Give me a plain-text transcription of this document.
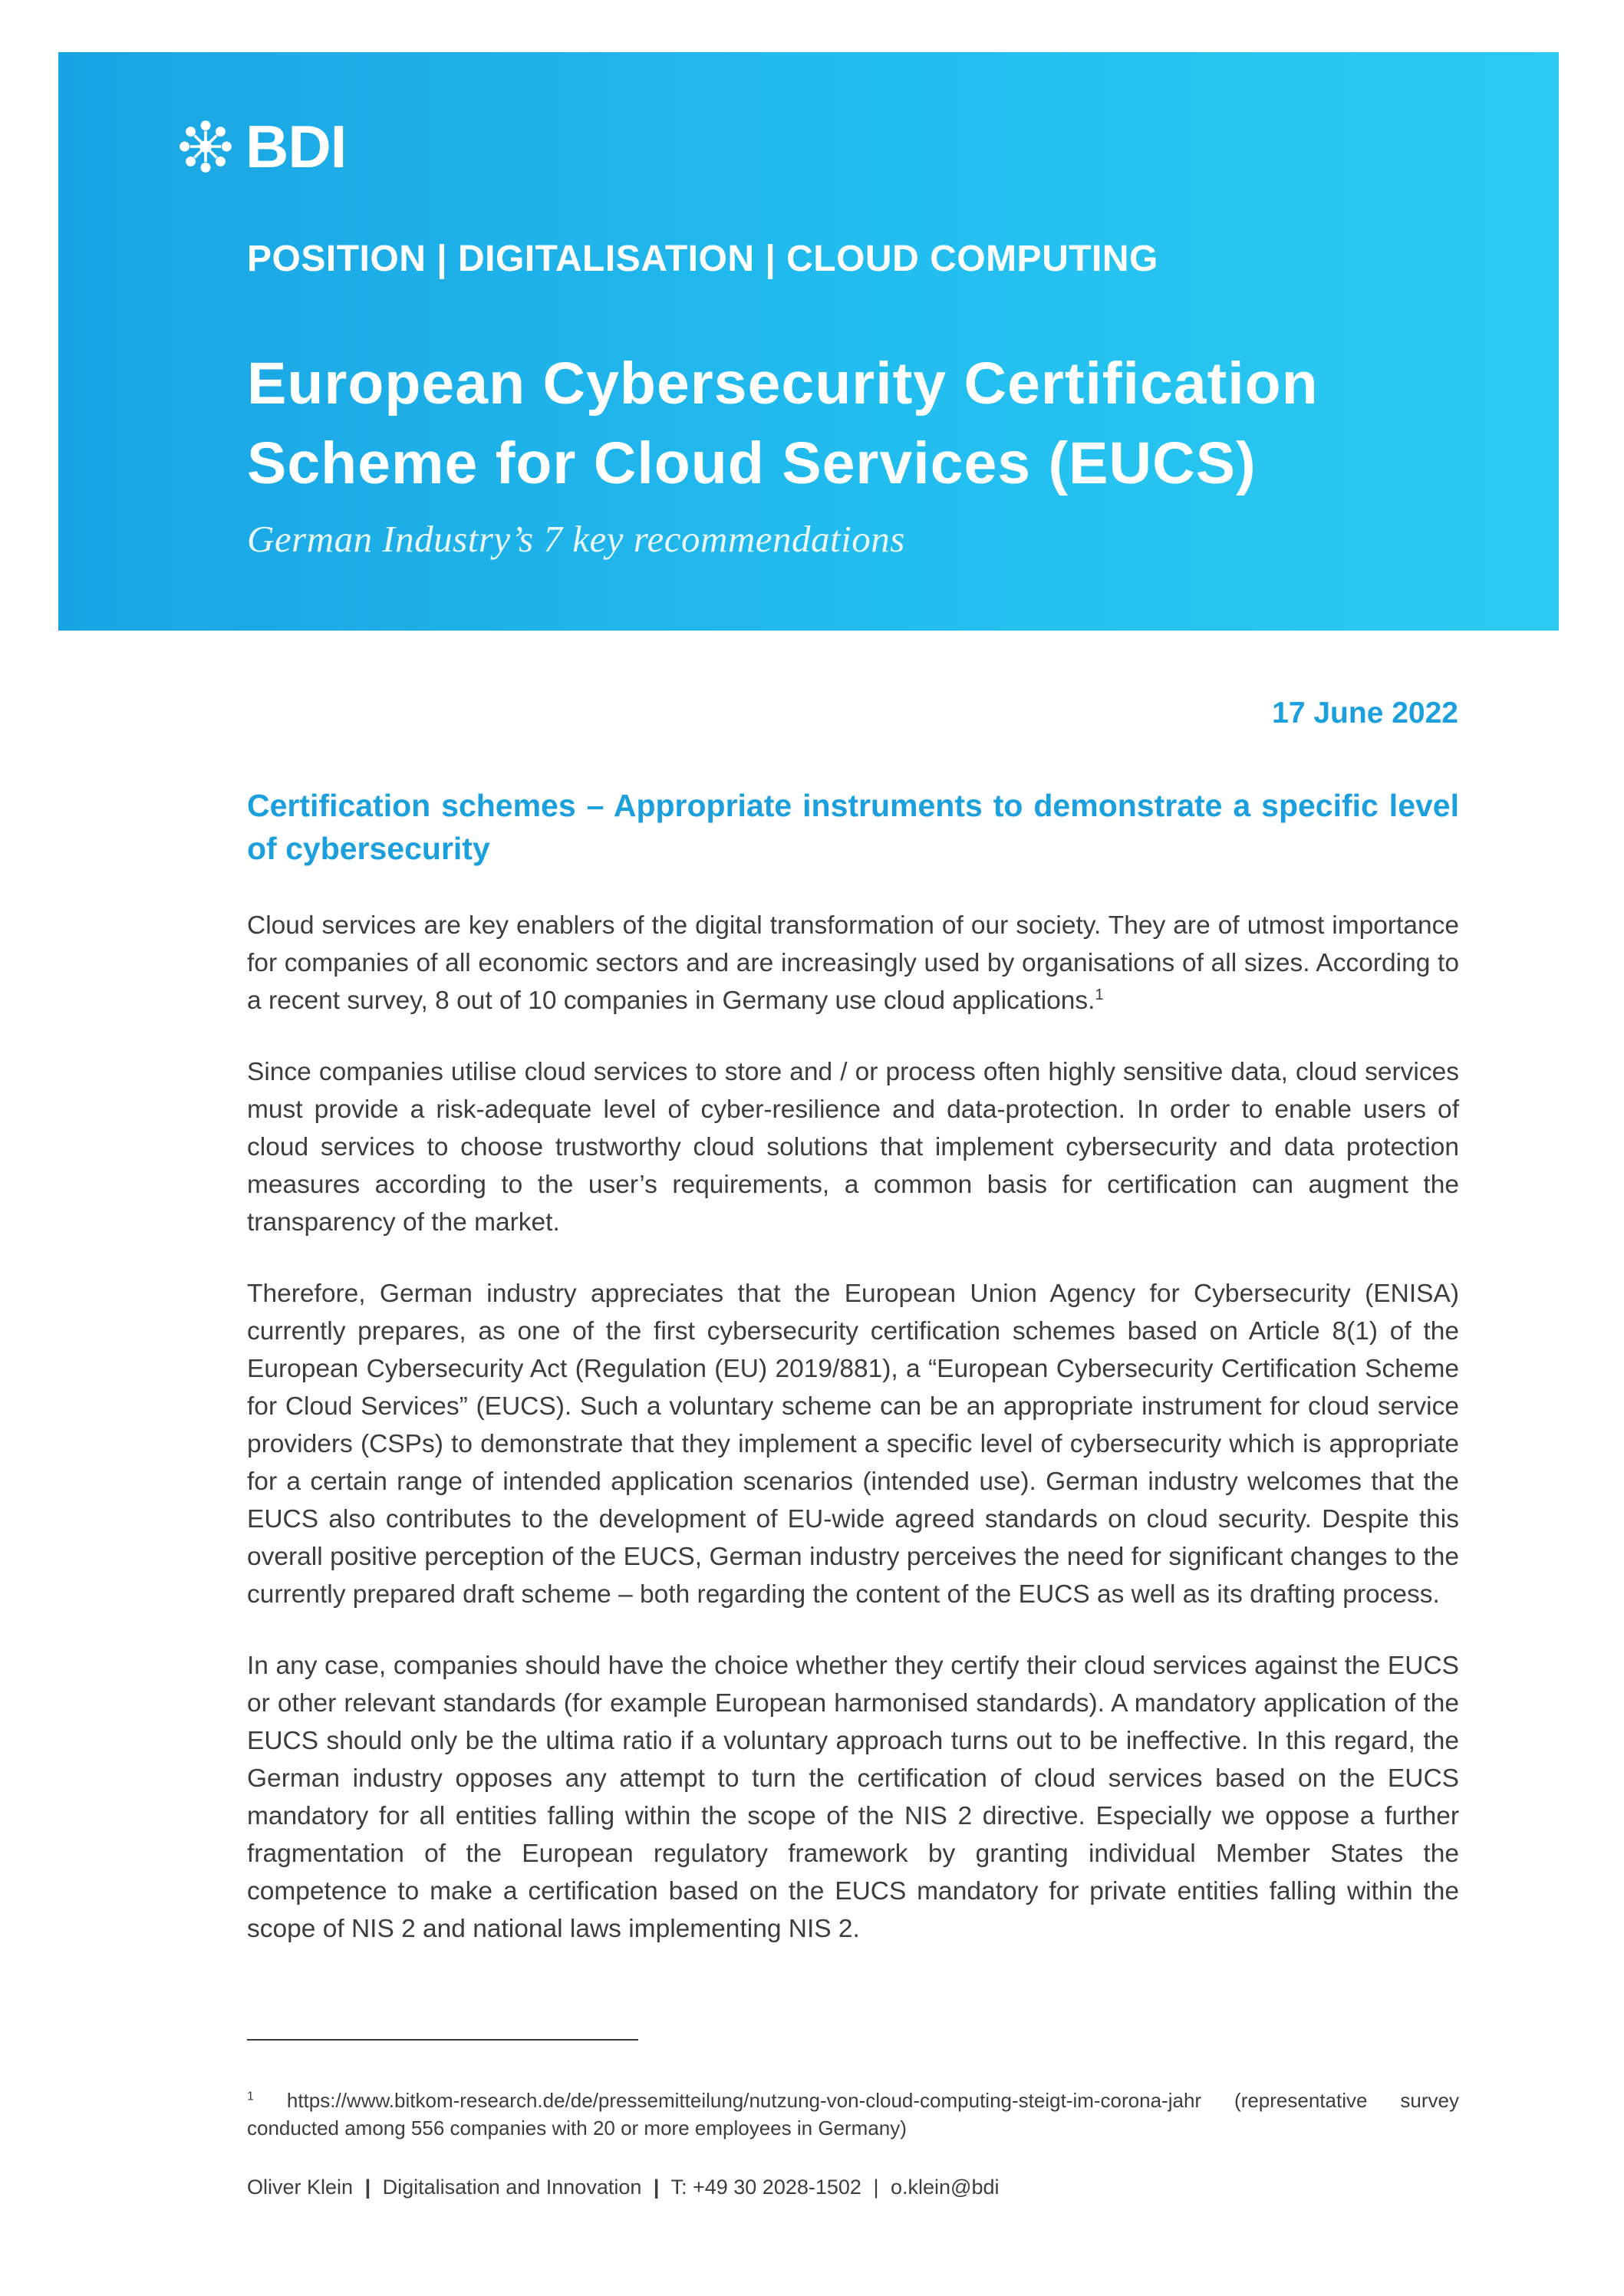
BDI
POSITION | DIGITALISATION | CLOUD COMPUTING
European Cybersecurity Certification
Scheme for Cloud Services (EUCS)
German Industry’s 7 key recommendations
17 June 2022
Certification schemes – Appropriate instruments to demonstrate a specific level of cybersecurity

Cloud services are key enablers of the digital transformation of our society. They are of utmost importance for companies of all economic sectors and are increasingly used by organisations of all sizes. According to a recent survey, 8 out of 10 companies in Germany use cloud applications.$^1$

Since companies utilise cloud services to store and / or process often highly sensitive data, cloud services must provide a risk-adequate level of cyber-resilience and data-protection. In order to enable users of cloud services to choose trustworthy cloud solutions that implement cybersecurity and data protection measures according to the user’s requirements, a common basis for certification can augment the transparency of the market.

Therefore, German industry appreciates that the European Union Agency for Cybersecurity (ENISA) currently prepares, as one of the first cybersecurity certification schemes based on Article 8(1) of the European Cybersecurity Act (Regulation (EU) 2019/881), a “European Cybersecurity Certification Scheme for Cloud Services” (EUCS). Such a voluntary scheme can be an appropriate instrument for cloud service providers (CSPs) to demonstrate that they implement a specific level of cybersecurity which is appropriate for a certain range of intended application scenarios (intended use). German industry welcomes that the EUCS also contributes to the development of EU-wide agreed standards on cloud security. Despite this overall positive perception of the EUCS, German industry perceives the need for significant changes to the currently prepared draft scheme – both regarding the content of the EUCS as well as its drafting process.

In any case, companies should have the choice whether they certify their cloud services against the EUCS or other relevant standards (for example European harmonised standards). A mandatory application of the EUCS should only be the ultima ratio if a voluntary approach turns out to be ineffective. In this regard, the German industry opposes any attempt to turn the certification of cloud services based on the EUCS mandatory for all entities falling within the scope of the NIS 2 directive. Especially we oppose a further fragmentation of the European regulatory framework by granting individual Member States the competence to make a certification based on the EUCS mandatory for private entities falling within the scope of NIS 2 and national laws implementing NIS 2.

$^1$ https://www.bitkom-research.de/de/pressemitteilung/nutzung-von-cloud-computing-steigt-im-corona-jahr (representative survey conducted among 556 companies with 20 or more employees in Germany)
Oliver Klein | Digitalisation and Innovation | T: +49 30 2028-1502 | o.klein@bdi
